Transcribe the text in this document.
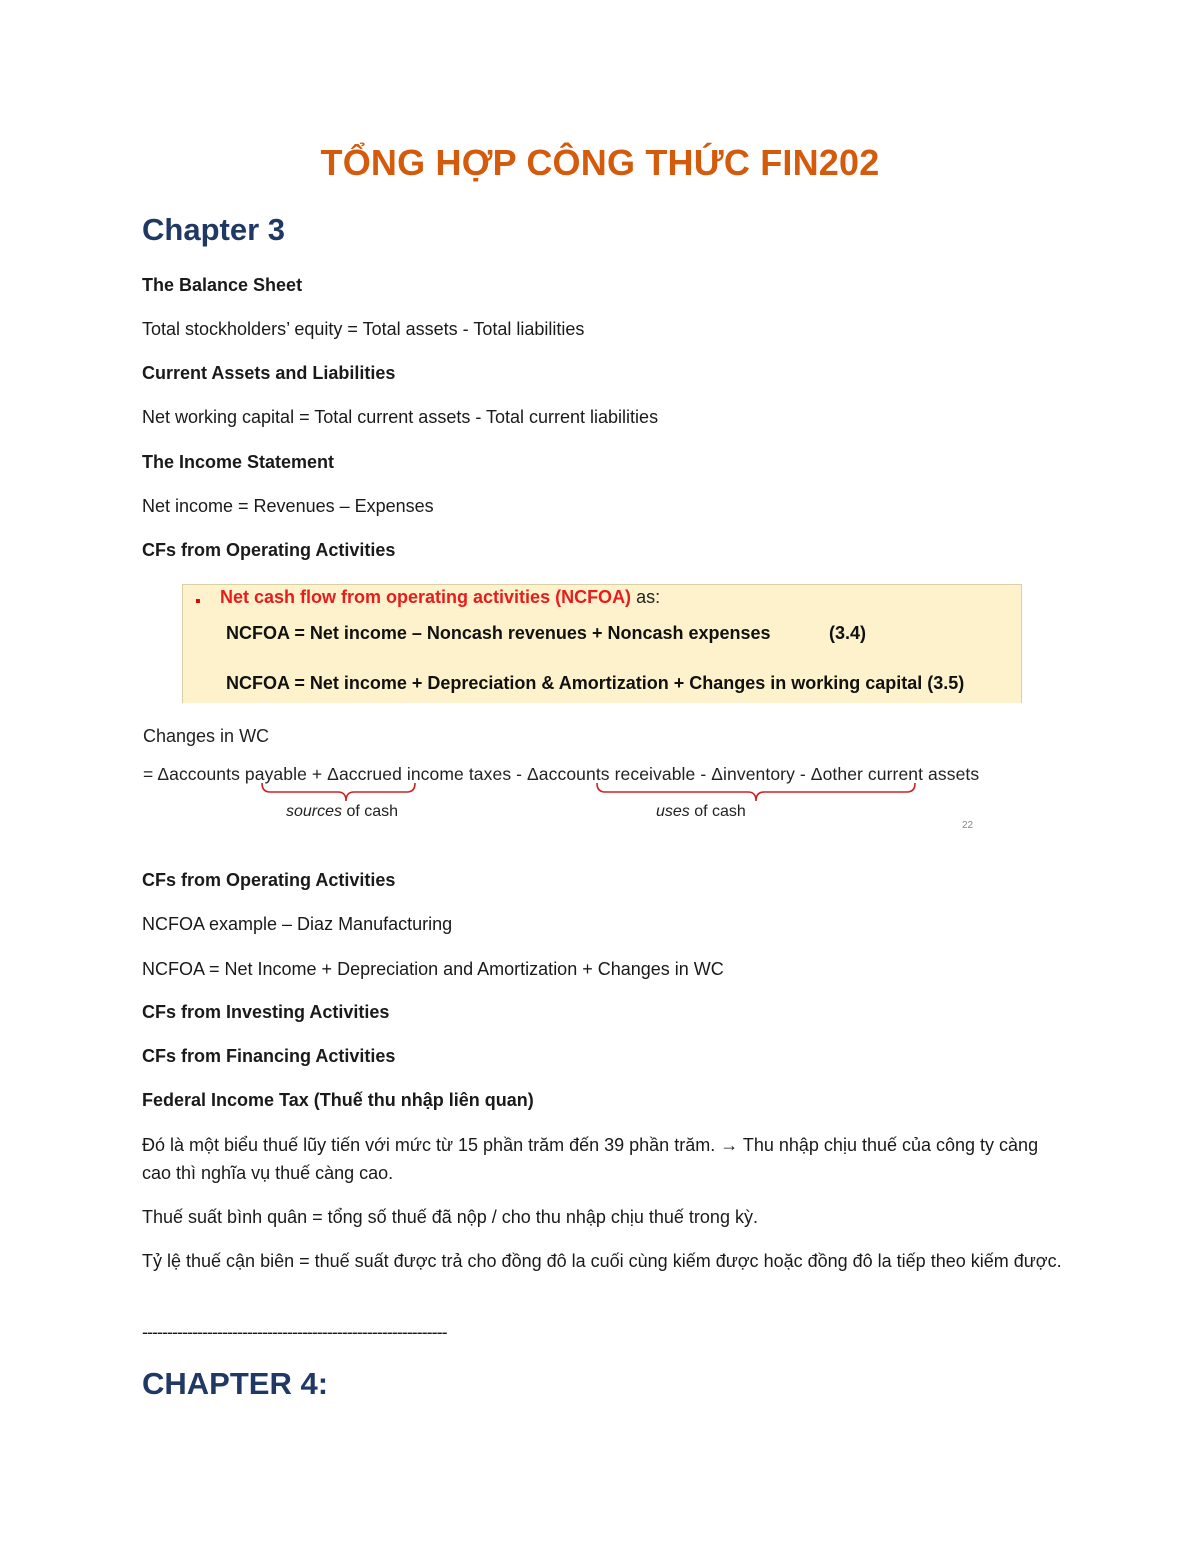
TỔNG HỢP CÔNG THỨC FIN202
Chapter 3
The Balance Sheet
Total stockholders’ equity = Total assets - Total liabilities
Current Assets and Liabilities
Net working capital = Total current assets - Total current liabilities
The Income Statement
Net income = Revenues – Expenses
CFs from Operating Activities
▪ Net cash flow from operating activities (NCFOA) as:
NCFOA = Net income – Noncash revenues + Noncash expenses	(3.4)
NCFOA = Net income + Depreciation & Amortization + Changes in working capital (3.5)
Changes in WC
= Δaccounts payable + Δaccrued income taxes - Δaccounts receivable - Δinventory - Δother current assets
sources of cash	uses of cash
22
CFs from Operating Activities
NCFOA example – Diaz Manufacturing
NCFOA = Net Income + Depreciation and Amortization + Changes in WC
CFs from Investing Activities
CFs from Financing Activities
Federal Income Tax (Thuế thu nhập liên quan)
Đó là một biểu thuế lũy tiến với mức từ 15 phần trăm đến 39 phần trăm. → Thu nhập chịu thuế của công ty càng cao thì nghĩa vụ thuế càng cao.
Thuế suất bình quân = tổng số thuế đã nộp / cho thu nhập chịu thuế trong kỳ.
Tỷ lệ thuế cận biên = thuế suất được trả cho đồng đô la cuối cùng kiếm được hoặc đồng đô la tiếp theo kiếm được.
-------------------------------------------------------------
CHAPTER 4:
